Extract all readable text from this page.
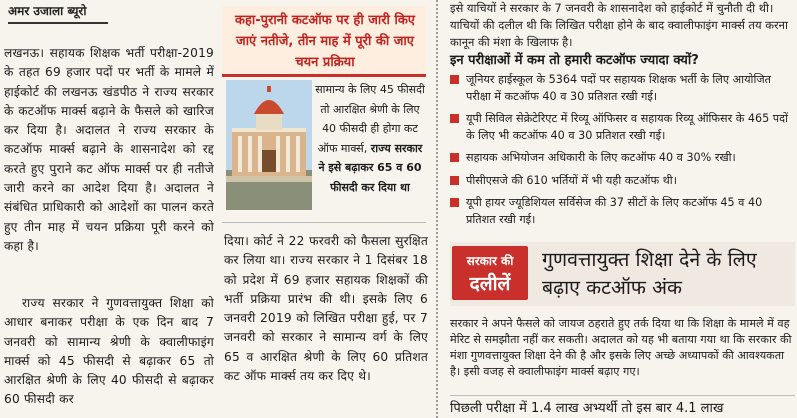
अमर उजाला ब्यूरो
लखनऊ। सहायक शिक्षक भर्ती परीक्षा-2019 के तहत 69 हजार पदों पर भर्ती के मामले में हाईकोर्ट की लखनऊ खंडपीठ ने राज्य सरकार के कटऑफ मार्क्स बढ़ाने के फैसले को खारिज कर दिया है। अदालत ने राज्य सरकार के कटऑफ मार्क्स बढ़ाने के शासनादेश को रद्द करते हुए पुराने कट ऑफ मार्क्स पर ही नतीजे जारी करने का आदेश दिया है। अदालत ने संबंधित प्राधिकारी को आदेशों का पालन करते हुए तीन माह में चयन प्रक्रिया पूरी करने को कहा है।
राज्य सरकार ने गुणवत्तायुक्त शिक्षा को आधार बनाकर परीक्षा के एक दिन बाद 7 जनवरी को सामान्य श्रेणी के क्वालीफाइंग मार्क्स को 45 फीसदी से बढ़ाकर 65 तो आरक्षित श्रेणी के लिए 40 फीसदी से बढ़ाकर 60 फीसदी कर
कहा-पुरानी कटऑफ पर ही जारी किए जाएं नतीजे, तीन माह में पूरी की जाए चयन प्रक्रिया
सामान्य के लिए 45 फीसदी तो आरक्षित श्रेणी के लिए 40 फीसदी ही होगा कट ऑफ मार्क्स, राज्य सरकार ने इसे बढ़ाकर 65 व 60 फीसदी कर दिया था
दिया। कोर्ट ने 22 फरवरी को फैसला सुरक्षित कर लिया था। राज्य सरकार ने 1 दिसंबर 18 को प्रदेश में 69 हजार सहायक शिक्षकों की भर्ती प्रक्रिया प्रारंभ की थी। इसके लिए 6 जनवरी 2019 को लिखित परीक्षा हुई, पर 7 जनवरी को सरकार ने सामान्य वर्ग के लिए 65 व आरक्षित श्रेणी के लिए 60 प्रतिशत कट ऑफ मार्क्स तय कर दिए थे।
इसे याचियों ने सरकार के 7 जनवरी के शासनादेश को हाईकोर्ट में चुनौती दी थी। याचियों की दलील थी कि लिखित परीक्षा होने के बाद क्वालीफाइंग मार्क्स तय करना कानून की मंशा के खिलाफ है।
इन परीक्षाओं में कम तो हमारी कटऑफ ज्यादा क्यों?
जूनियर हाईस्कूल के 5364 पदों पर सहायक शिक्षक भर्ती के लिए आयोजित परीक्षा में कटऑफ 40 व 30 प्रतिशत रखी गई।
यूपी सिविल सेक्रेटेरिएट में रिव्यू ऑफिसर व सहायक रिव्यू ऑफिसर के 465 पदों के लिए भी कटऑफ 40 व 30 प्रतिशत रखी गई।
सहायक अभियोजन अधिकारी के लिए कटऑफ 40 व 30% रखी।
पीसीएसजे की 610 भर्तियों में भी यही कटऑफ थी।
यूपी हायर ज्यूडिशियल सर्विसेज की 37 सीटों के लिए कटऑफ 45 व 40 प्रतिशत रखी गई।
सरकार की
दलीलें
गुणवत्तायुक्त शिक्षा देने के लिए बढ़ाए कटऑफ अंक
सरकार ने अपने फैसले को जायज ठहराते हुए तर्क दिया था कि शिक्षा के मामले में वह मेरिट से समझौता नहीं कर सकती। अदालत को यह भी बताया गया था कि सरकार की मंशा गुणवत्तायुक्त शिक्षा देने की है और इसके लिए अच्छे अध्यापकों की आवश्यकता है। इसी वजह से क्वालीफाइंग मार्क्स बढ़ाए गए।
पिछली परीक्षा में 1.4 लाख अभ्यर्थी तो इस बार 4.1 लाख
